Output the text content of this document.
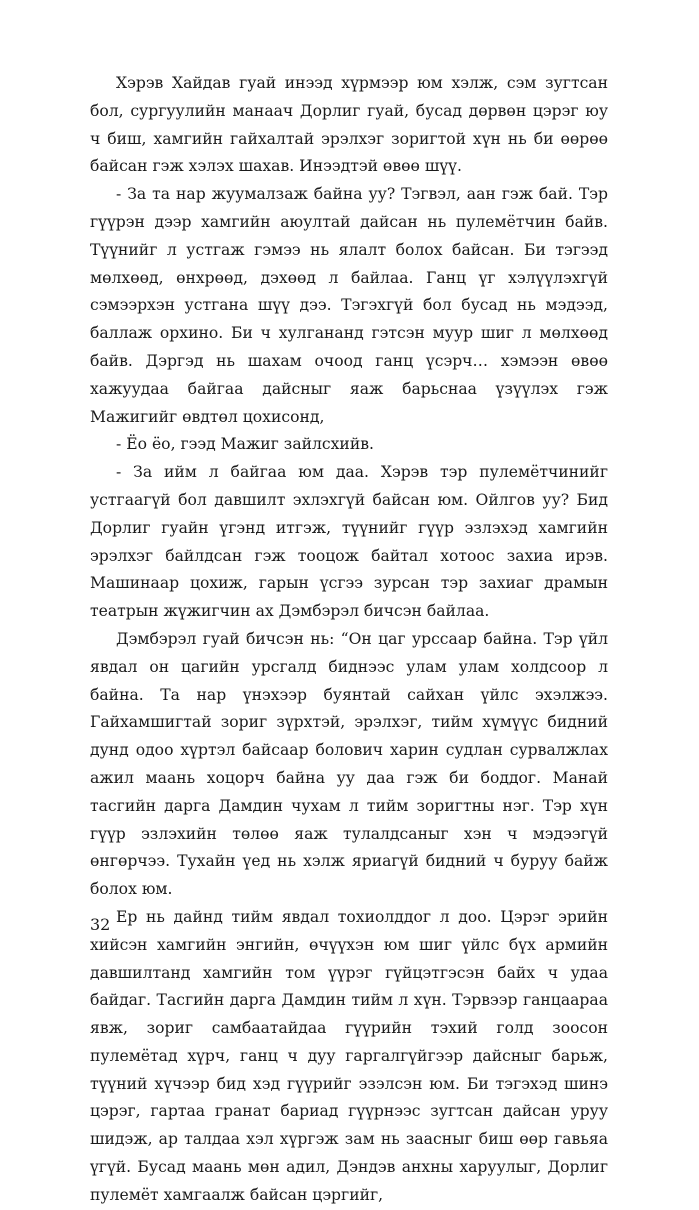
Хэрэв Хайдав гуай инээд хүрмээр юм хэлж, сэм зугтсан бол, сургуулийн манаач Дорлиг гуай, бусад дөрвөн цэрэг юу ч биш, хамгийн гайхалтай эрэлхэг зоригтой хүн нь би өөрөө байсан гэж хэлэх шахав. Инээдтэй өвөө шүү.

- За та нар жуумалзаж байна уу? Тэгвэл, аан гэж бай. Тэр гүүрэн дээр хамгийн аюултай дайсан нь пулемётчин байв. Түүнийг л устгаж гэмээ нь ялалт болох байсан. Би тэгээд мөлхөөд, өнхрөөд, дэхөөд л байлаа. Ганц үг хэлүүлэхгүй сэмээрхэн устгана шүү дээ. Тэгэхгүй бол бусад нь мэдээд, баллаж орхино. Би ч хулгананд гэтсэн муур шиг л мөлхөөд байв. Дэргэд нь шахам очоод ганц үсэрч… хэмээн өвөө хажуудаа байгаа дайсныг яаж барьснаа үзүүлэх гэж Мажигийг өвдтөл цохисонд,

- Ёо ёо, гээд Мажиг зайлсхийв.

- За ийм л байгаа юм даа. Хэрэв тэр пулемётчинийг устгаагүй бол давшилт эхлэхгүй байсан юм. Ойлгов уу? Бид Дорлиг гуайн үгэнд итгэж, түүнийг гүүр эзлэхэд хамгийн эрэлхэг байлдсан гэж тооцож байтал хотоос захиа ирэв. Машинаар цохиж, гарын үсгээ зурсан тэр захиаг драмын театрын жүжигчин ах Дэмбэрэл бичсэн байлаа.

Дэмбэрэл гуай бичсэн нь: “Он цаг урссаар байна. Тэр үйл явдал он цагийн урсгалд биднээс улам улам холдсоор л байна. Та нар үнэхээр буянтай сайхан үйлс эхэлжээ. Гайхамшигтай зориг зүрхтэй, эрэлхэг, тийм хүмүүс бидний дунд одоо хүртэл байсаар болович харин судлан сурвалжлах ажил маань хоцорч байна уу даа гэж би боддог. Манай тасгийн дарга Дамдин чухам л тийм зоригтны нэг. Тэр хүн гүүр эзлэхийн төлөө яаж тулалдсаныг хэн ч мэдээгүй өнгөрчээ. Тухайн үед нь хэлж яриагүй бидний ч буруу байж болох юм.

Ер нь дайнд тийм явдал тохиолддог л доо. Цэрэг эрийн хийсэн хамгийн энгийн, өчүүхэн юм шиг үйлс бүх армийн давшилтанд хамгийн том үүрэг гүйцэтгэсэн байх ч удаа байдаг. Тасгийн дарга Дамдин тийм л хүн. Тэрвээр ганцаараа явж, зориг самбаатайдаа гүүрийн тэхий голд зоосон пулемётад хүрч, ганц ч дуу гаргалгүйгээр дайсныг барьж, түүний хүчээр бид хэд гүүрийг эзэлсэн юм. Би тэгэхэд шинэ цэрэг, гартаа гранат бариад гүүрнээс зугтсан дайсан уруу шидэж, ар талдаа хэл хүргэж зам нь заасныг биш өөр гавьяа үгүй. Бусад маань мөн адил, Дэндэв анхны харуулыг, Дорлиг пулемёт хамгаалж байсан цэргийг,

32
